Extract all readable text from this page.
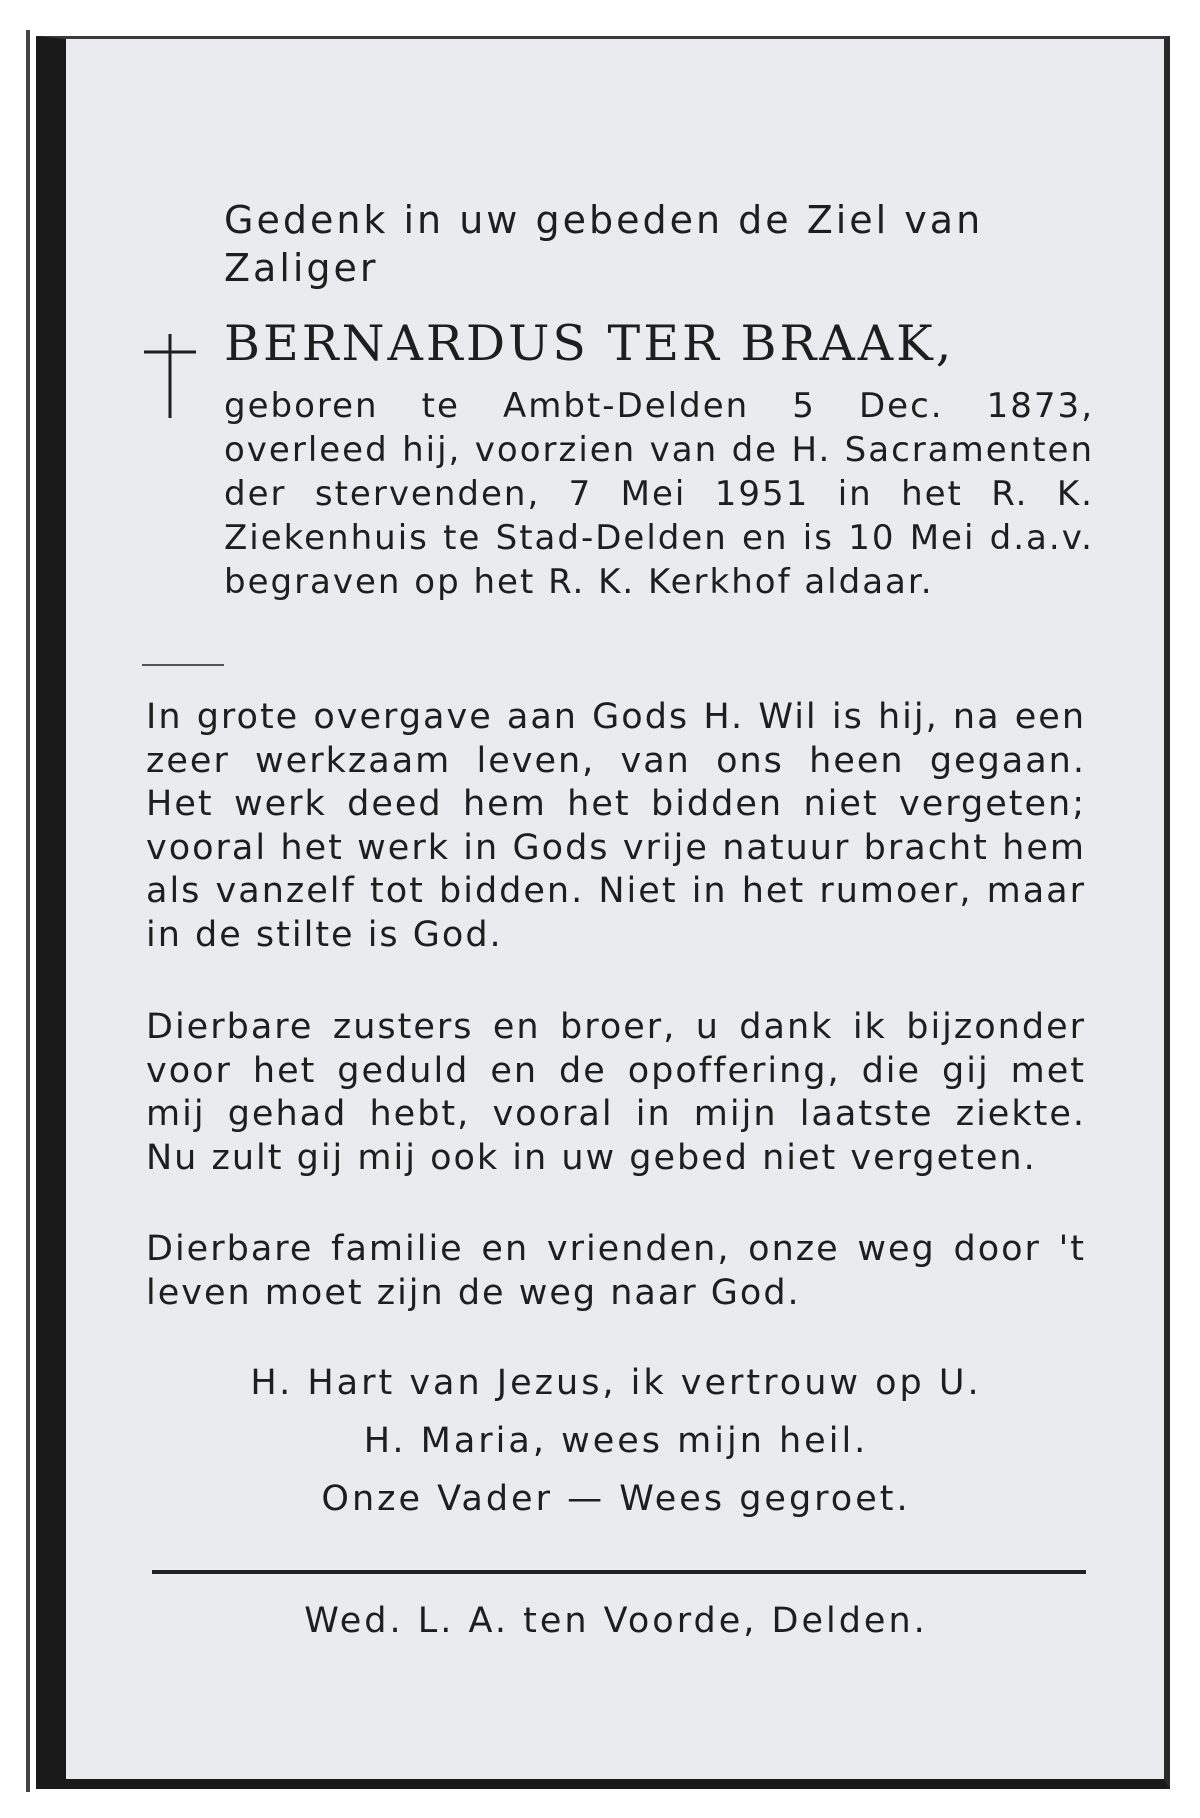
Gedenk in uw gebeden de Ziel van Zaliger

BERNARDUS TER BRAAK,

geboren te Ambt-Delden 5 Dec. 1873, overleed hij, voorzien van de H. Sacramenten der stervenden, 7 Mei 1951 in het R. K. Ziekenhuis te Stad-Delden en is 10 Mei d.a.v. begraven op het R. K. Kerkhof aldaar.

In grote overgave aan Gods H. Wil is hij, na een zeer werkzaam leven, van ons heen gegaan. Het werk deed hem het bidden niet vergeten; vooral het werk in Gods vrije natuur bracht hem als vanzelf tot bidden. Niet in het rumoer, maar in de stilte is God.

Dierbare zusters en broer, u dank ik bijzonder voor het geduld en de opoffering, die gij met mij gehad hebt, vooral in mijn laatste ziekte. Nu zult gij mij ook in uw gebed niet vergeten.

Dierbare familie en vrienden, onze weg door 't leven moet zijn de weg naar God.

H. Hart van Jezus, ik vertrouw op U.

H. Maria, wees mijn heil.

Onze Vader — Wees gegroet.

Wed. L. A. ten Voorde, Delden.
